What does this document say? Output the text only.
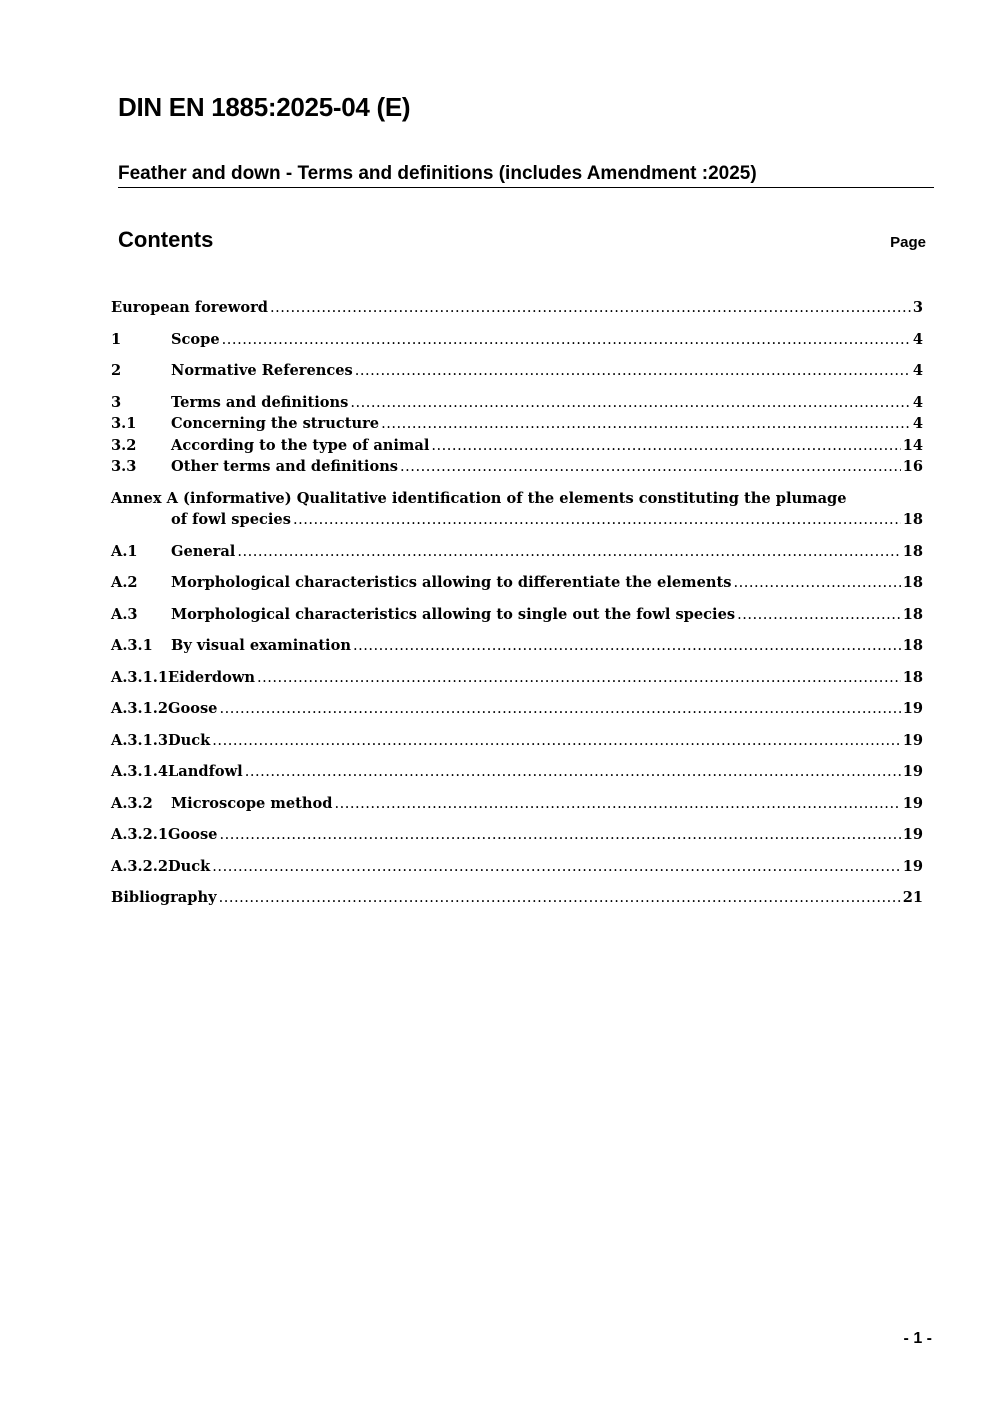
DIN EN 1885:2025-04 (E)
Feather and down - Terms and definitions (includes Amendment :2025)
Contents	Page
European foreword .....	3
1	Scope .....	4
2	Normative References .....	4
3	Terms and definitions .....	4
3.1	Concerning the structure .....	4
3.2	According to the type of animal .....	14
3.3	Other terms and definitions .....	16
Annex A (informative) Qualitative identification of the elements constituting the plumage
of fowl species .....	18
A.1	General .....	18
A.2	Morphological characteristics allowing to differentiate the elements .....	18
A.3	Morphological characteristics allowing to single out the fowl species .....	18
A.3.1	By visual examination .....	18
A.3.1.1 Eiderdown .....	18
A.3.1.2 Goose .....	19
A.3.1.3 Duck .....	19
A.3.1.4 Landfowl .....	19
A.3.2	Microscope method .....	19
A.3.2.1 Goose .....	19
A.3.2.2 Duck .....	19
Bibliography .....	21
- 1 -
